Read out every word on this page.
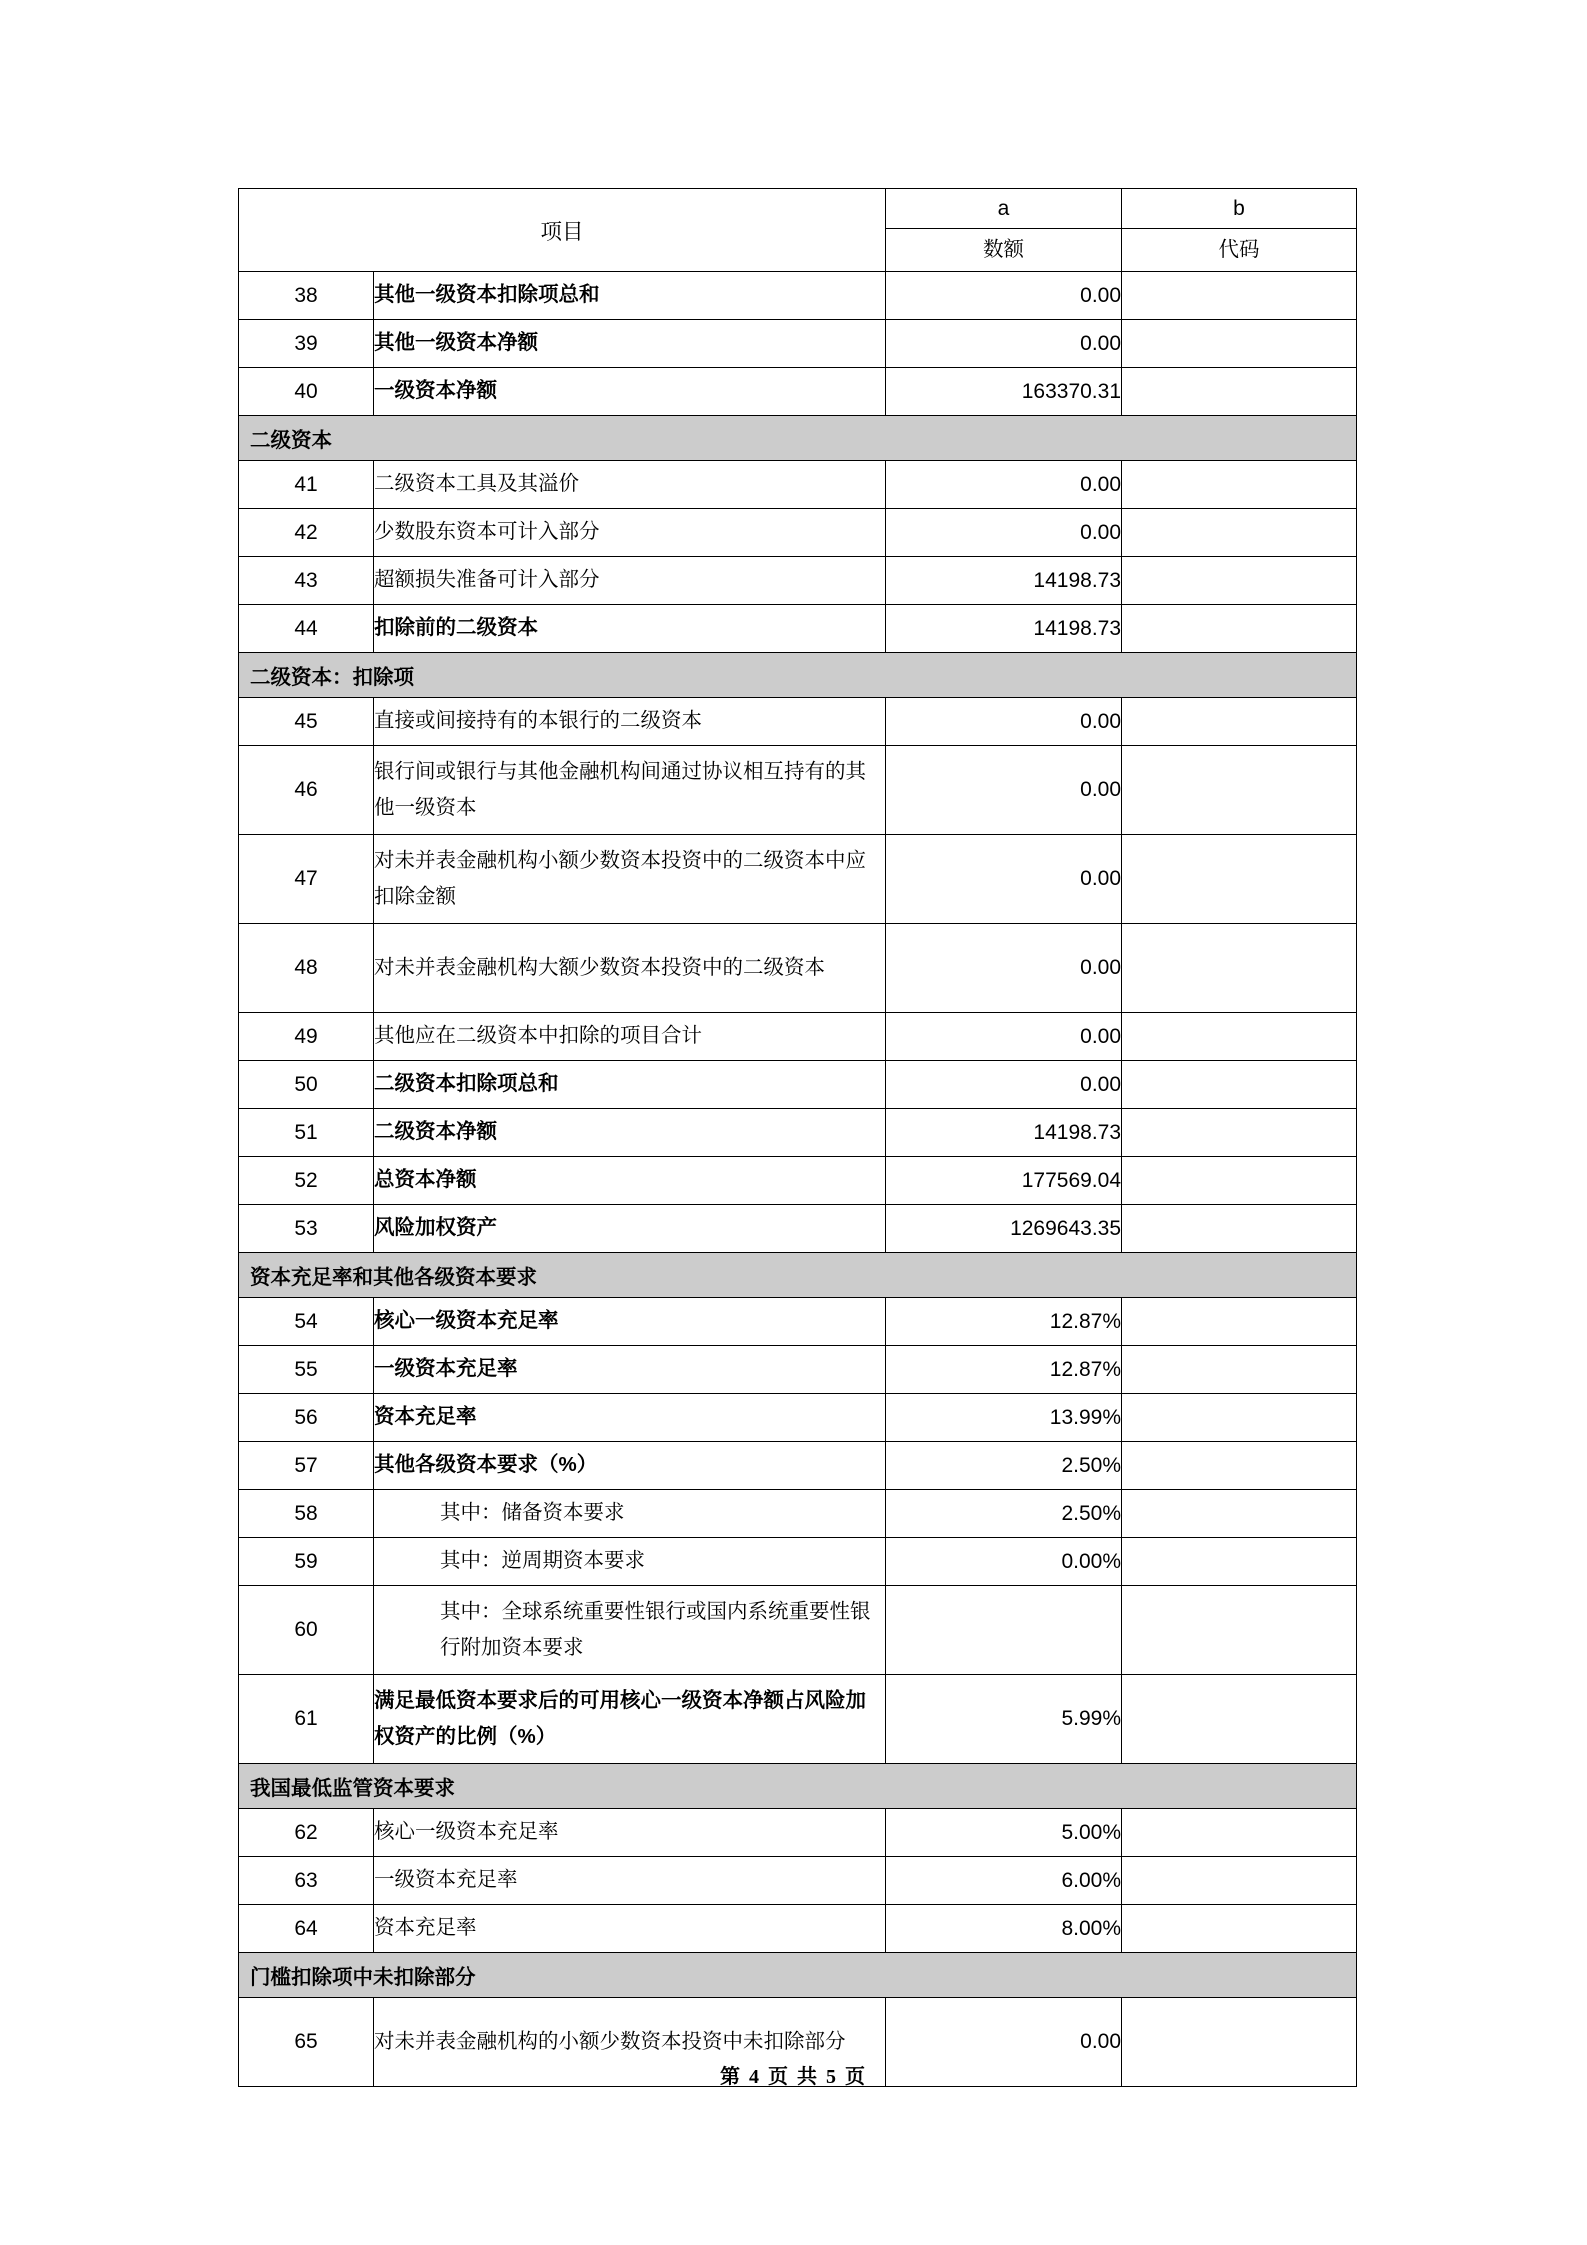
项目		a	b
		数额	代码
38	其他一级资本扣除项总和	0.00	
39	其他一级资本净额	0.00	
40	一级资本净额	163370.31	
二级资本			
41	二级资本工具及其溢价	0.00	
42	少数股东资本可计入部分	0.00	
43	超额损失准备可计入部分	14198.73	
44	扣除前的二级资本	14198.73	
二级资本：扣除项			
45	直接或间接持有的本银行的二级资本	0.00	
46	银行间或银行与其他金融机构间通过协议相互持有的其他一级资本	0.00	
47	对未并表金融机构小额少数资本投资中的二级资本中应扣除金额	0.00	
48	对未并表金融机构大额少数资本投资中的二级资本	0.00	
49	其他应在二级资本中扣除的项目合计	0.00	
50	二级资本扣除项总和	0.00	
51	二级资本净额	14198.73	
52	总资本净额	177569.04	
53	风险加权资产	1269643.35	
资本充足率和其他各级资本要求			
54	核心一级资本充足率	12.87%	
55	一级资本充足率	12.87%	
56	资本充足率	13.99%	
57	其他各级资本要求（%）	2.50%	
58	其中：储备资本要求	2.50%	
59	其中：逆周期资本要求	0.00%	
60	其中：全球系统重要性银行或国内系统重要性银行附加资本要求		
61	满足最低资本要求后的可用核心一级资本净额占风险加权资产的比例（%）	5.99%	
我国最低监管资本要求			
62	核心一级资本充足率	5.00%	
63	一级资本充足率	6.00%	
64	资本充足率	8.00%	
门槛扣除项中未扣除部分			
65	对未并表金融机构的小额少数资本投资中未扣除部分	0.00	
第 4 页 共 5 页
